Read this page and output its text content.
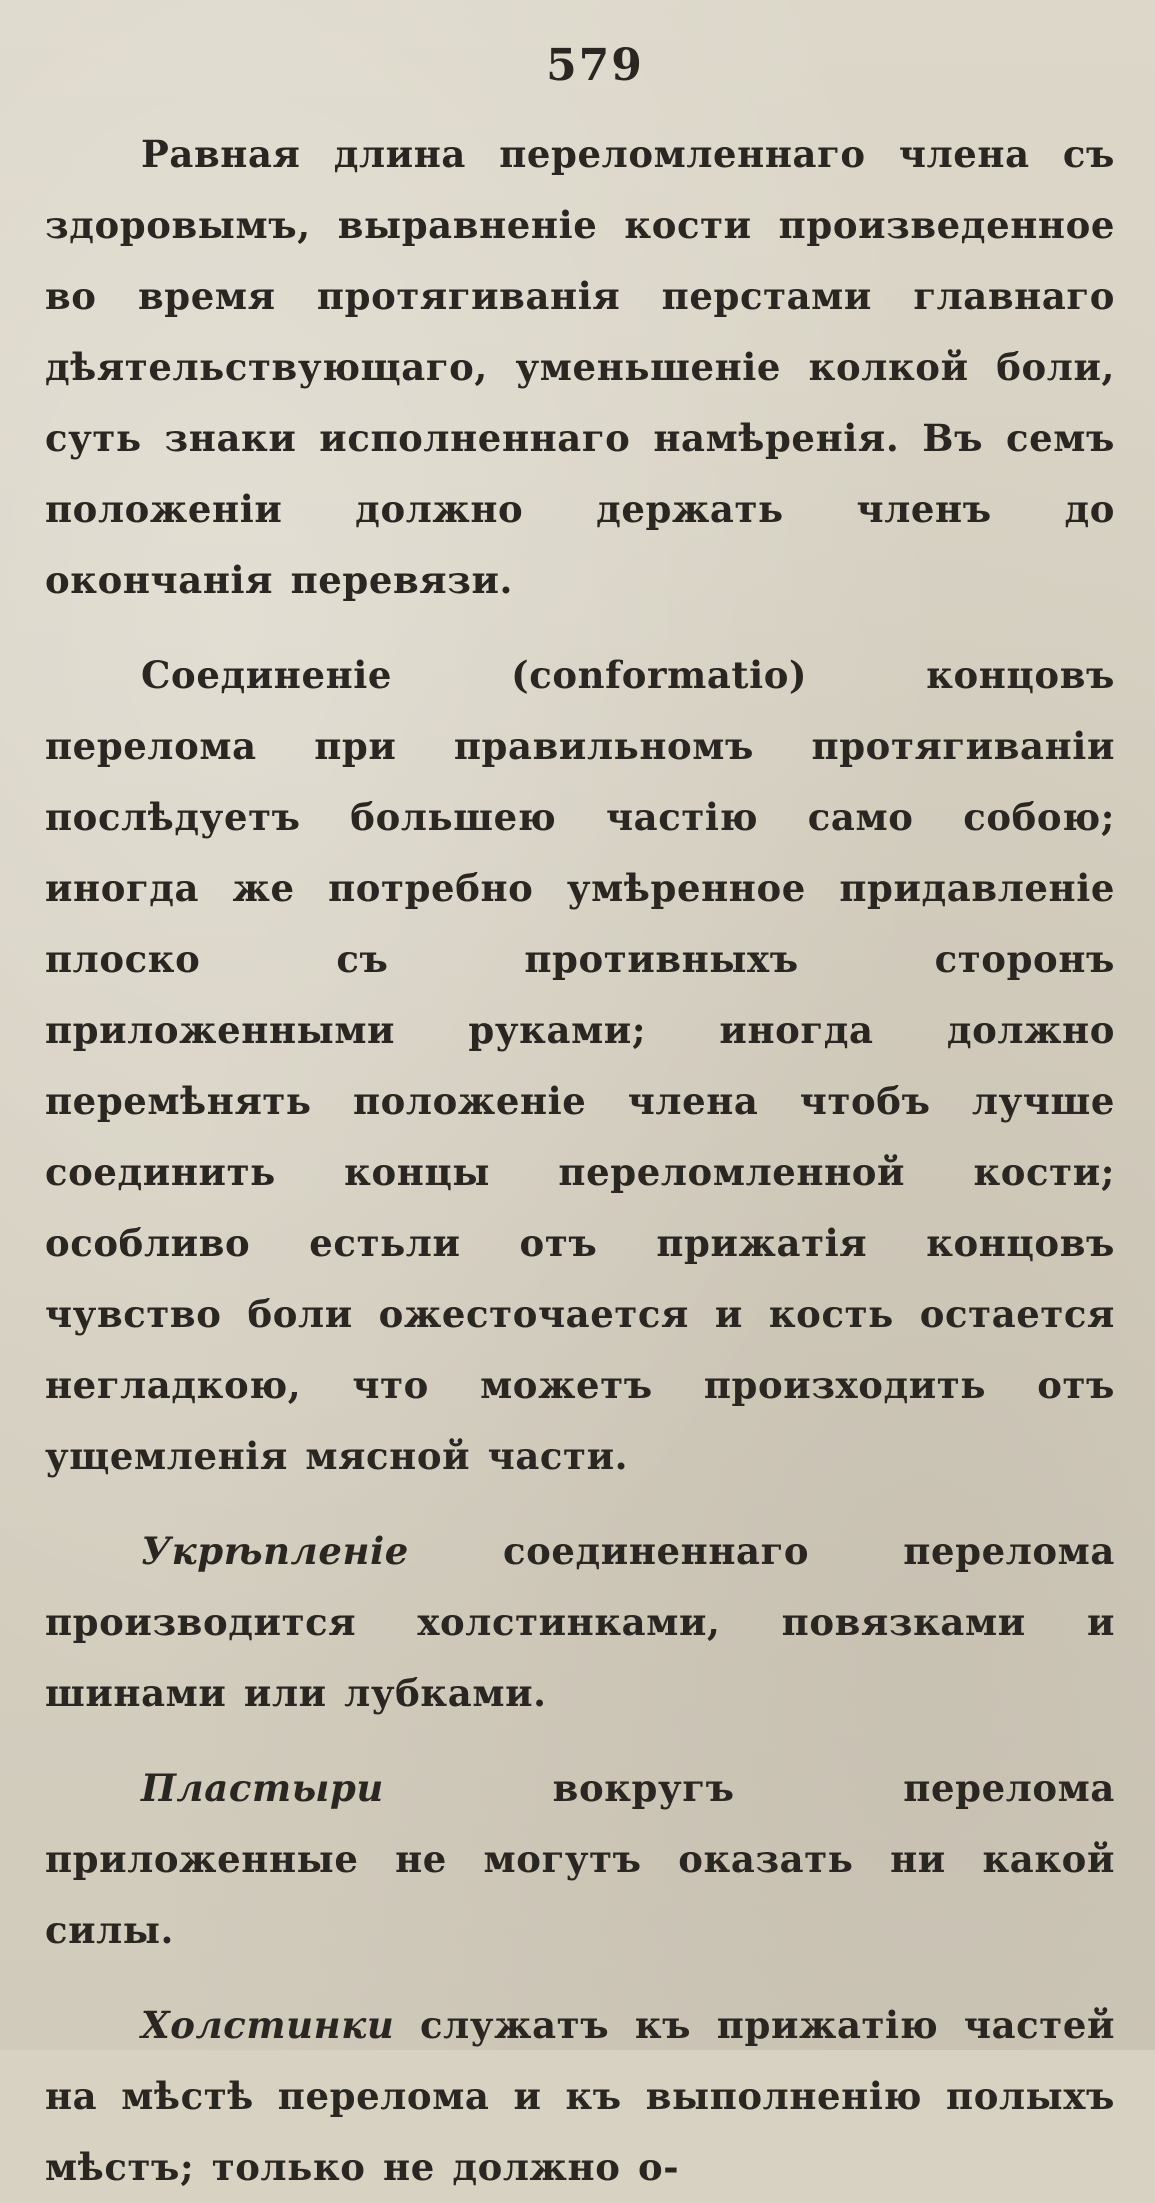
579

Равная длина переломленнаго члена съ здоровымъ, выравненіе кости произведенное во время протягиванія перстами главнаго дѣятельствующаго, уменьшеніе колкой боли, суть знаки исполненнаго намѣренія. Въ семъ положеніи должно держать членъ до окончанія перевязи.

Соединеніе (conformatio) концовъ перелома при правильномъ протягиваніи послѣдуетъ большею частію само собою; иногда же потребно умѣренное придавленіе плоско съ противныхъ сторонъ приложенными руками; иногда должно перемѣнять положеніе члена чтобъ лучше соединить концы переломленной кости; особливо естьли отъ прижатія концовъ чувство боли ожесточается и кость остается негладкою, что можетъ произходить отъ ущемленія мясной части.

Укрѣпленіе соединеннаго перелома производится холстинками, повязками и шинами или лубками.

Пластыри вокругъ перелома приложенные не могутъ оказать ни какой силы.

Холстинки служатъ къ прижатію частей на мѣстѣ перелома и къ выполненію полыхъ мѣстъ; только не должно о-
